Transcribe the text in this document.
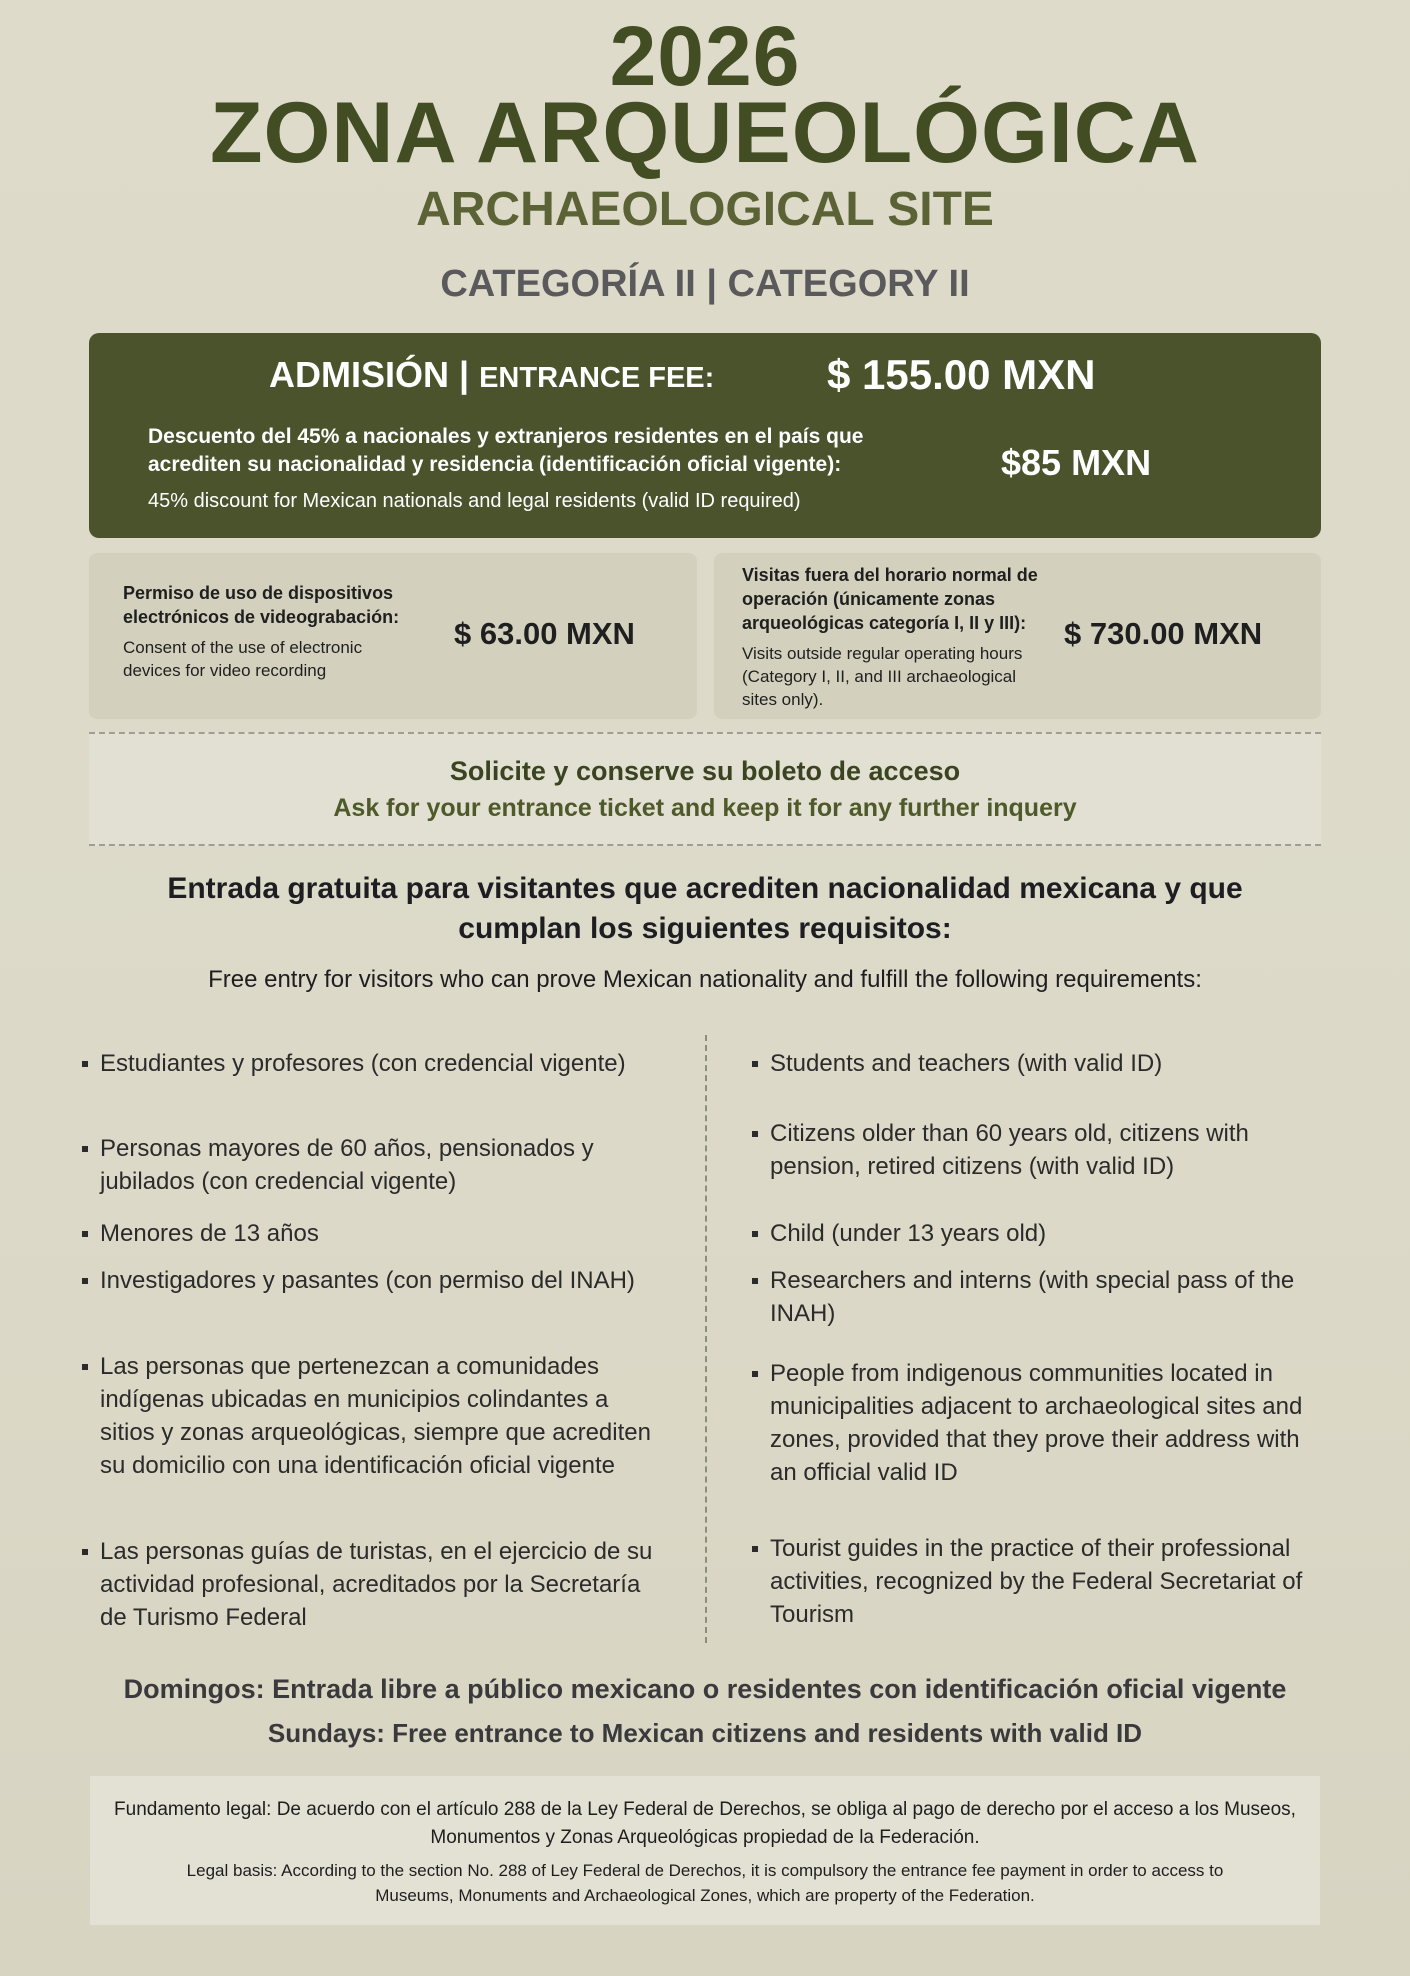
2026
ZONA ARQUEOLÓGICA
ARCHAEOLOGICAL SITE
CATEGORÍA II | CATEGORY II
ADMISIÓN | ENTRANCE FEE:	$ 155.00 MXN
Descuento del 45% a nacionales y extranjeros residentes en el país que acrediten su nacionalidad y residencia (identificación oficial vigente):
45% discount for Mexican nationals and legal residents (valid ID required)
$85 MXN
Permiso de uso de dispositivos electrónicos de videograbación:
Consent of the use of electronic devices for video recording
$ 63.00 MXN
Visitas fuera del horario normal de operación (únicamente zonas arqueológicas categoría I, II y III):
Visits outside regular operating hours (Category I, II, and III archaeological sites only).
$ 730.00 MXN
Solicite y conserve su boleto de acceso
Ask for your entrance ticket and keep it for any further inquery
Entrada gratuita para visitantes que acrediten nacionalidad mexicana y que cumplan los siguientes requisitos:
Free entry for visitors who can prove Mexican nationality and fulfill the following requirements:
Estudiantes y profesores (con credencial vigente)
Personas mayores de 60 años, pensionados y jubilados (con credencial vigente)
Menores de 13 años
Investigadores y pasantes (con permiso del INAH)
Las personas que pertenezcan a comunidades indígenas ubicadas en municipios colindantes a sitios y zonas arqueológicas, siempre que acrediten su domicilio con una identificación oficial vigente
Las personas guías de turistas, en el ejercicio de su actividad profesional, acreditados por la Secretaría de Turismo Federal
Students and teachers (with valid ID)
Citizens older than 60 years old, citizens with pension, retired citizens (with valid ID)
Child (under 13 years old)
Researchers and interns (with special pass of the INAH)
People from indigenous communities located in municipalities adjacent to archaeological sites and zones, provided that they prove their address with an official valid ID
Tourist guides in the practice of their professional activities, recognized by the Federal Secretariat of Tourism
Domingos: Entrada libre a público mexicano o residentes con identificación oficial vigente
Sundays: Free entrance to Mexican citizens and residents with valid ID
Fundamento legal: De acuerdo con el artículo 288 de la Ley Federal de Derechos, se obliga al pago de derecho por el acceso a los Museos, Monumentos y Zonas Arqueológicas propiedad de la Federación.
Legal basis: According to the section No. 288 of Ley Federal de Derechos, it is compulsory the entrance fee payment in order to access to Museums, Monuments and Archaeological Zones, which are property of the Federation.
